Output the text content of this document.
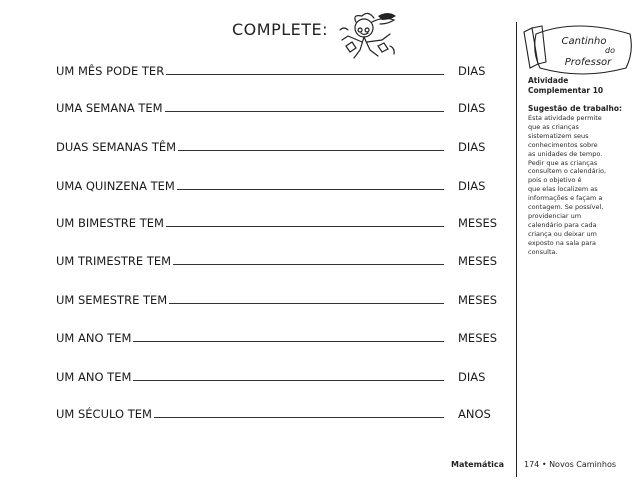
COMPLETE:
UM MÊS PODE TER	DIAS
UMA SEMANA TEM	DIAS
DUAS SEMANAS TÊM	DIAS
UMA QUINZENA TEM	DIAS
UM BIMESTRE TEM	MESES
UM TRIMESTRE TEM	MESES
UM SEMESTRE TEM	MESES
UM ANO TEM	MESES
UM ANO TEM	DIAS
UM SÉCULO TEM	ANOS
Cantinho
do
Professor
Atividade
Complementar 10
Sugestão de trabalho:
Esta atividade permite
que as crianças
sistematizem seus
conhecimentos sobre
as unidades de tempo.
Pedir que as crianças
consultem o calendário,
pois o objetivo é
que elas localizem as
informações e façam a
contagem. Se possível,
providenciar um
calendário para cada
criança ou deixar um
exposto na sala para
consulta.
Matemática 174 • Novos Caminhos
